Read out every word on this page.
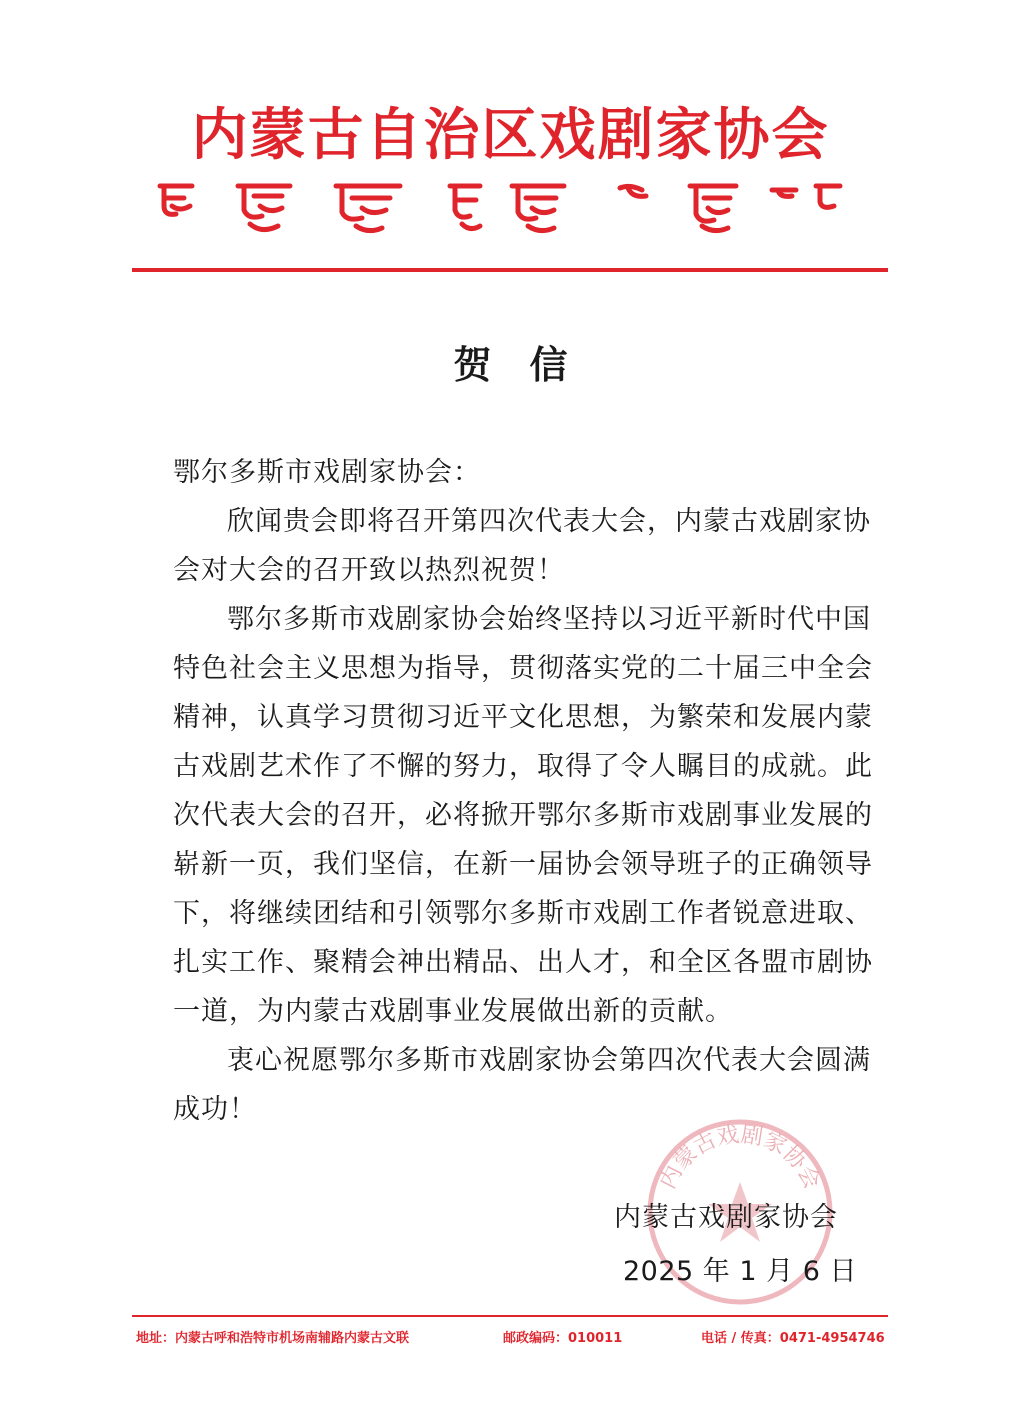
内蒙古自治区戏剧家协会
贺信

鄂尔多斯市戏剧家协会：

欣闻贵会即将召开第四次代表大会，内蒙古戏剧家协会对大会的召开致以热烈祝贺！

鄂尔多斯市戏剧家协会始终坚持以习近平新时代中国特色社会主义思想为指导，贯彻落实党的二十届三中全会精神，认真学习贯彻习近平文化思想，为繁荣和发展内蒙古戏剧艺术作了不懈的努力，取得了令人瞩目的成就。此次代表大会的召开，必将掀开鄂尔多斯市戏剧事业发展的崭新一页，我们坚信，在新一届协会领导班子的正确领导下，将继续团结和引领鄂尔多斯市戏剧工作者锐意进取、扎实工作、聚精会神出精品、出人才，和全区各盟市剧协一道，为内蒙古戏剧事业发展做出新的贡献。

衷心祝愿鄂尔多斯市戏剧家协会第四次代表大会圆满成功！

内蒙古戏剧家协会
内蒙古戏剧家协会
2025 年 1 月 6 日
地址：内蒙古呼和浩特市机场南辅路内蒙古文联	邮政编码：010011	电话 / 传真：0471-4954746
